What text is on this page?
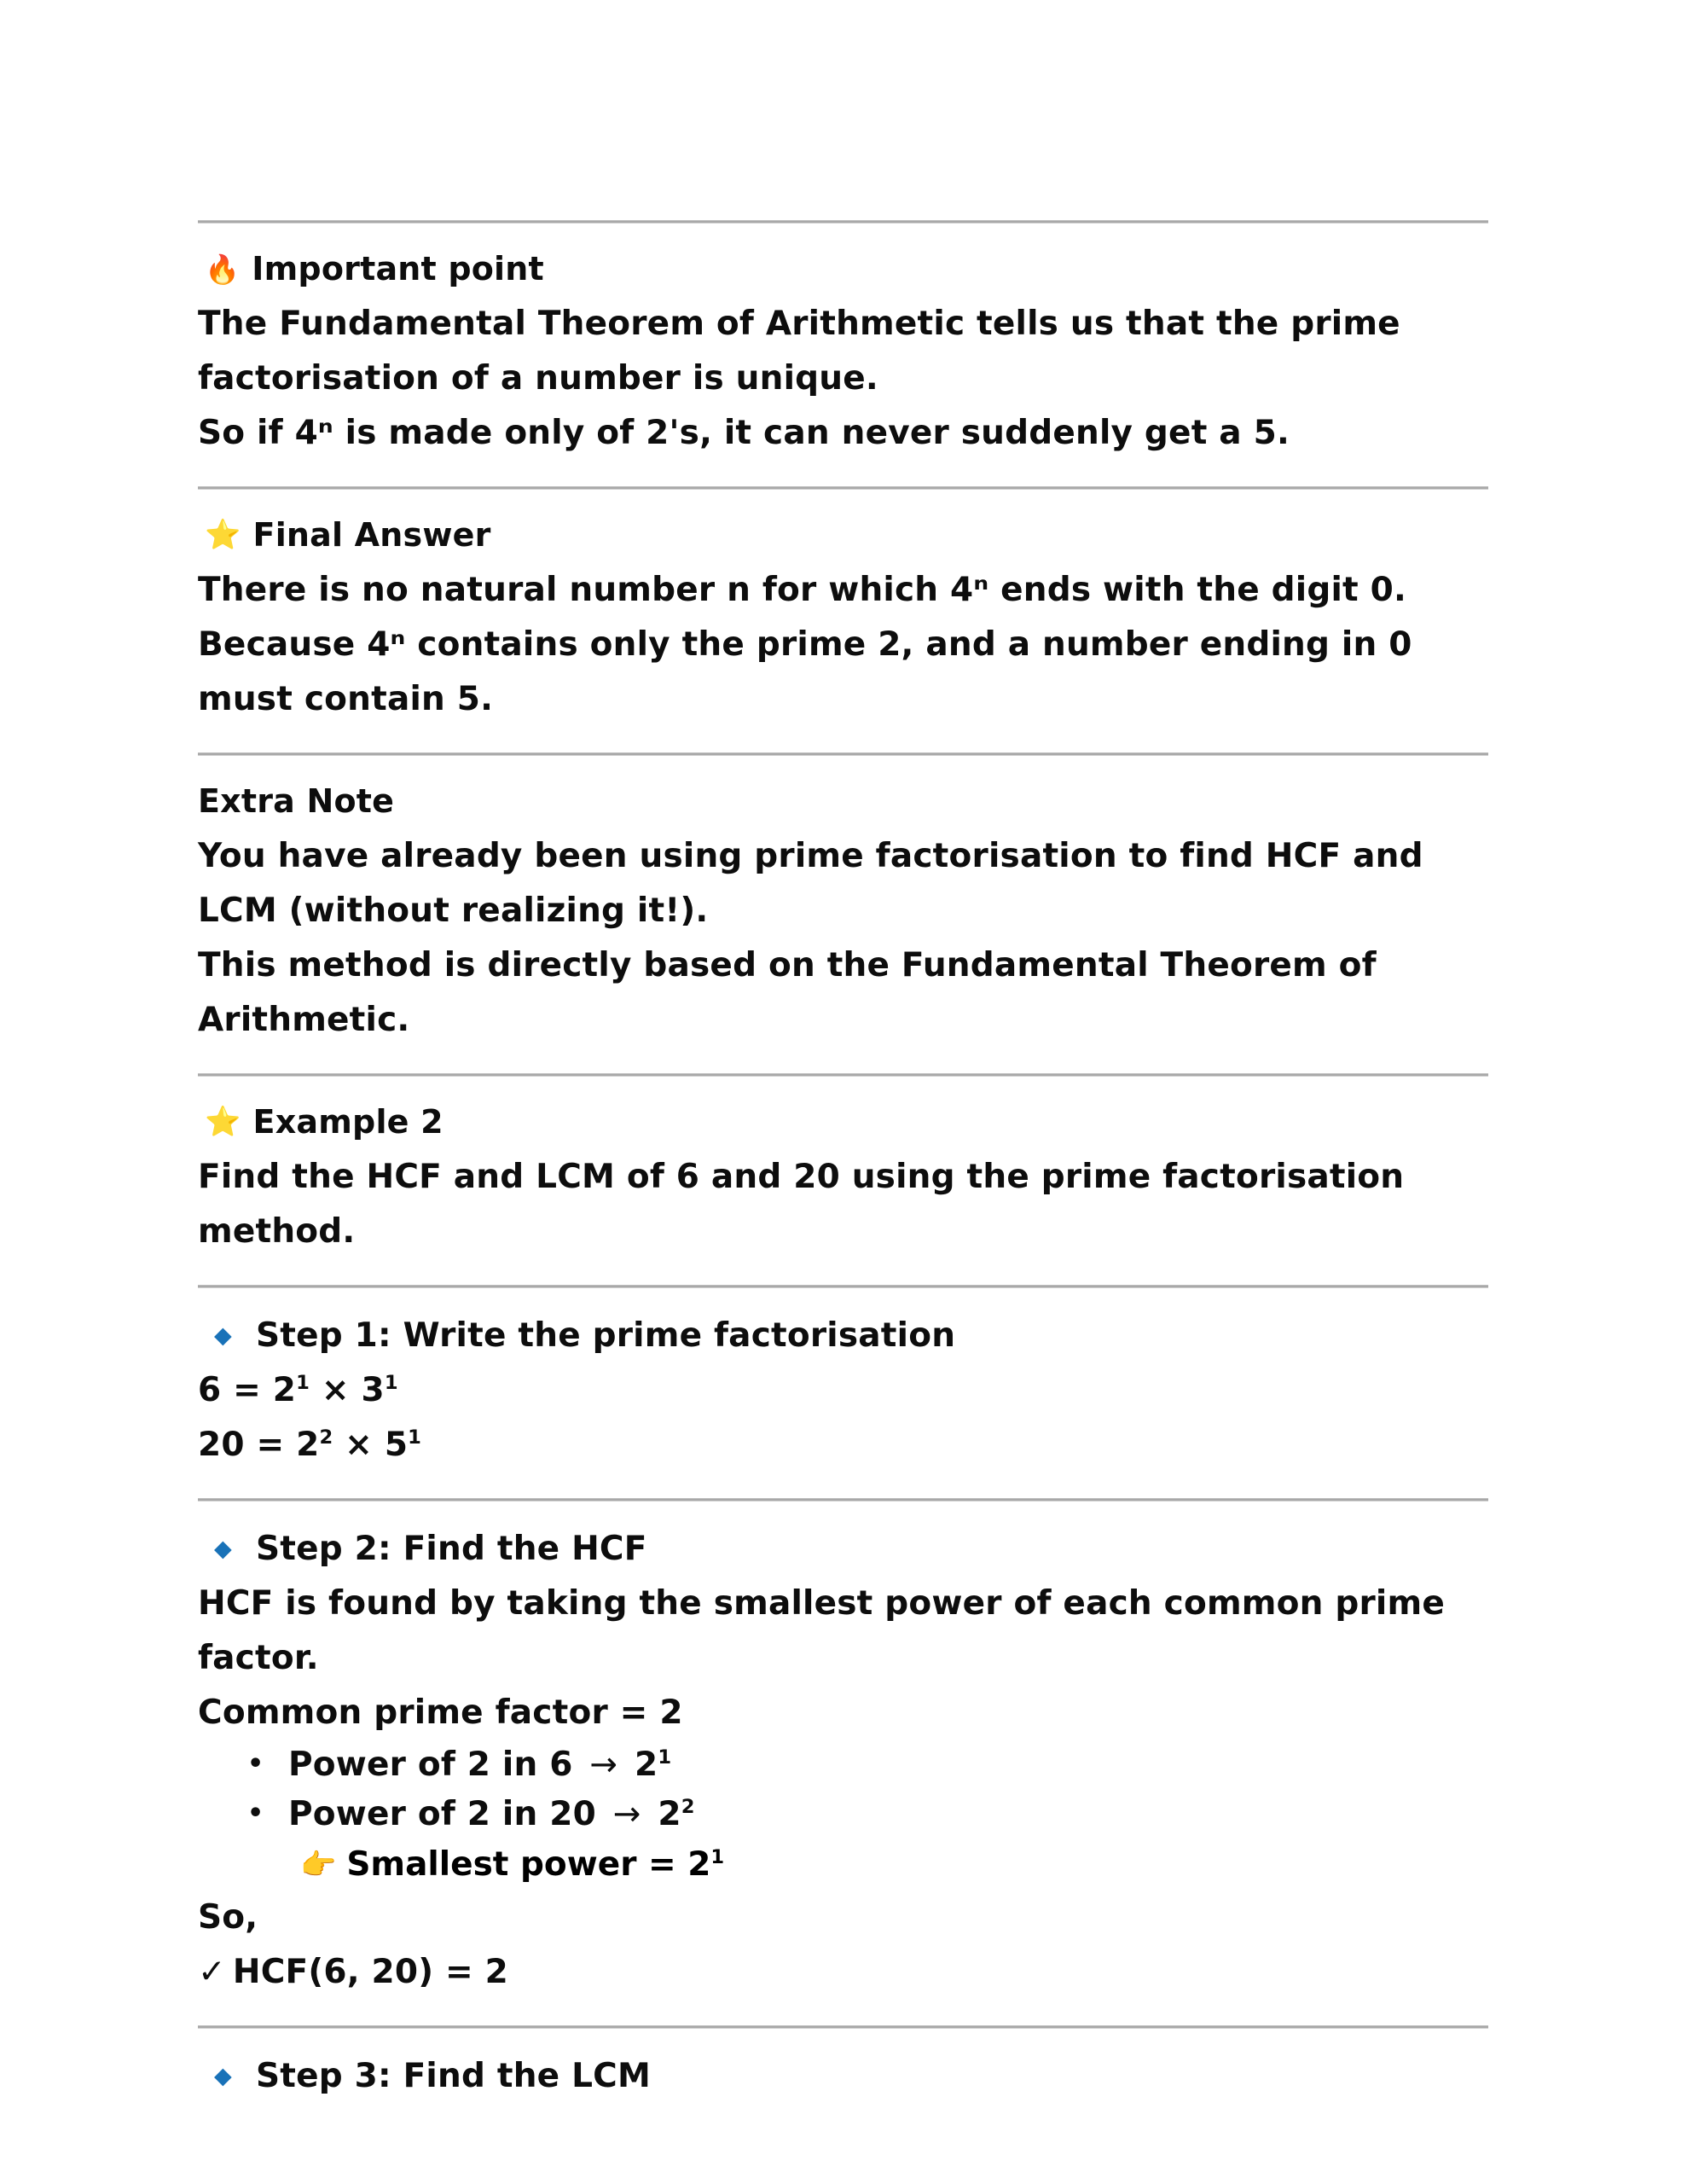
🔥 Important point

The Fundamental Theorem of Arithmetic tells us that the prime factorisation of a number is unique.

So if 4ⁿ is made only of 2's, it can never suddenly get a 5.

⭐ Final Answer

There is no natural number n for which 4ⁿ ends with the digit 0.

Because 4ⁿ contains only the prime 2, and a number ending in 0 must contain 5.

Extra Note

You have already been using prime factorisation to find HCF and LCM (without realizing it!).

This method is directly based on the Fundamental Theorem of Arithmetic.

⭐ Example 2

Find the HCF and LCM of 6 and 20 using the prime factorisation method.

◆ Step 1: Write the prime factorisation

$6 = 2^1 \times 3^1$

$20 = 2^2 \times 5^1$

◆ Step 2: Find the HCF

HCF is found by taking the smallest power of each common prime factor.

Common prime factor = 2

• Power of 2 in $6 \to 2^1$
• Power of 2 in $20 \to 2^2$
👉 Smallest power = $2^1$

So,

✓ HCF(6, 20) = 2

◆ Step 3: Find the LCM
